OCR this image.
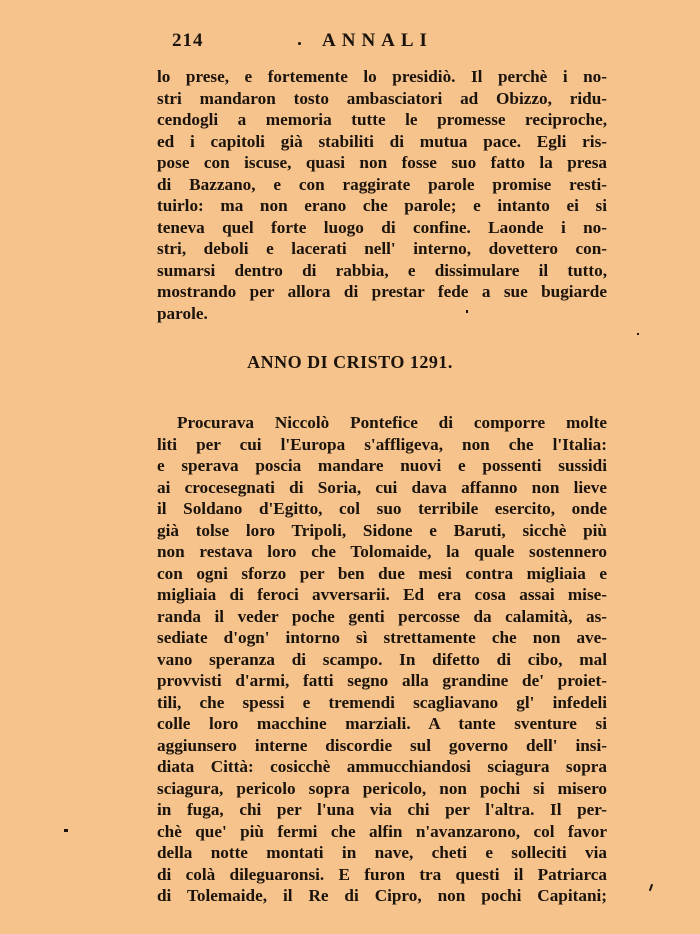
214	ANNALI
lo prese, e fortemente lo presidiò. Il perchè i no-
stri mandaron tosto ambasciatori ad Obizzo, ridu-
cendogli a memoria tutte le promesse reciproche,
ed i capitoli già stabiliti di mutua pace. Egli ris-
pose con iscuse, quasi non fosse suo fatto la presa
di Bazzano, e con raggirate parole promise resti-
tuirlo: ma non erano che parole; e intanto ei si
teneva quel forte luogo di confine. Laonde i no-
stri, deboli e lacerati nell' interno, dovettero con-
sumarsi dentro di rabbia, e dissimulare il tutto,
mostrando per allora di prestar fede a sue bugiarde
parole.
ANNO DI CRISTO 1291.
Procurava Niccolò Pontefice di comporre molte
liti per cui l'Europa s'affligeva, non che l'Italia:
e sperava poscia mandare nuovi e possenti sussidi
ai crocesegnati di Soria, cui dava affanno non lieve
il Soldano d'Egitto, col suo terribile esercito, onde
già tolse loro Tripoli, Sidone e Baruti, sicchè più
non restava loro che Tolomaide, la quale sostennero
con ogni sforzo per ben due mesi contra migliaia e
migliaia di feroci avversarii. Ed era cosa assai mise-
randa il veder poche genti percosse da calamità, as-
sediate d'ogn' intorno sì strettamente che non ave-
vano speranza di scampo. In difetto di cibo, mal
provvisti d'armi, fatti segno alla grandine de' proiet-
tili, che spessi e tremendi scagliavano gl' infedeli
colle loro macchine marziali. A tante sventure si
aggiunsero interne discordie sul governo dell' insi-
diata Città: cosicchè ammucchiandosi sciagura sopra
sciagura, pericolo sopra pericolo, non pochi si misero
in fuga, chi per l'una via chi per l'altra. Il per-
chè que' più fermi che alfin n'avanzarono, col favor
della notte montati in nave, cheti e solleciti via
di colà dileguaronsi. E furon tra questi il Patriarca
di Tolemaide, il Re di Cipro, non pochi Capitani;
